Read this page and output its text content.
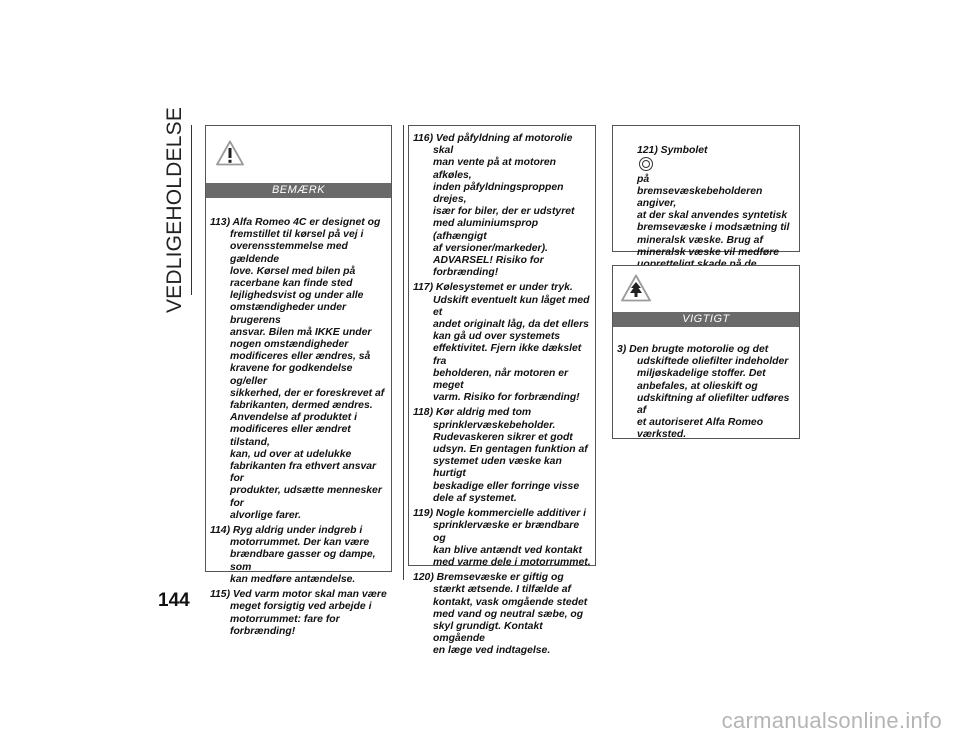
VEDLIGEHOLDELSE
144
BEMÆRK
113) Alfa Romeo 4C er designet og
fremstillet til kørsel på vej i
overensstemmelse med gældende
love. Kørsel med bilen på
racerbane kan finde sted
lejlighedsvist og under alle
omstændigheder under brugerens
ansvar. Bilen må IKKE under
nogen omstændigheder
modificeres eller ændres, så
kravene for godkendelse og/eller
sikkerhed, der er foreskrevet af
fabrikanten, dermed ændres.
Anvendelse af produktet i
modificeres eller ændret tilstand,
kan, ud over at udelukke
fabrikanten fra ethvert ansvar for
produkter, udsætte mennesker for
alvorlige farer.
114) Ryg aldrig under indgreb i
motorrummet. Der kan være
brændbare gasser og dampe, som
kan medføre antændelse.
115) Ved varm motor skal man være
meget forsigtig ved arbejde i
motorrummet: fare for
forbrænding!
116) Ved påfyldning af motorolie skal
man vente på at motoren afkøles,
inden påfyldningsproppen drejes,
især for biler, der er udstyret
med aluminiumsprop (afhængigt
af versioner/markeder).
ADVARSEL! Risiko for
forbrænding!
117) Kølesystemet er under tryk.
Udskift eventuelt kun låget med et
andet originalt låg, da det ellers
kan gå ud over systemets
effektivitet. Fjern ikke dækslet fra
beholderen, når motoren er meget
varm. Risiko for forbrænding!
118) Kør aldrig med tom
sprinklervæskebeholder.
Rudevaskeren sikrer et godt
udsyn. En gentagen funktion af
systemet uden væske kan hurtigt
beskadige eller forringe visse
dele af systemet.
119) Nogle kommercielle additiver i
sprinklervæske er brændbare og
kan blive antændt ved kontakt
med varme dele i motorrummet.
120) Bremsevæske er giftig og
stærkt ætsende. I tilfælde af
kontakt, vask omgående stedet
med vand og neutral sæbe, og
skyl grundigt. Kontakt omgående
en læge ved indtagelse.

121) Symbolet

på
bremsevæskebeholderen angiver,
at der skal anvendes syntetisk
bremsevæske i modsætning til
mineralsk væske. Brug af
mineralsk væske vil medføre

VIGTIGT
3) Den brugte motorolie og det
udskiftede oliefilter indeholder
miljøskadelige stoffer. Det
anbefales, at olieskift og
udskiftning af oliefilter udføres af
et autoriseret Alfa Romeo
værksted.
carmanualsonline.info
